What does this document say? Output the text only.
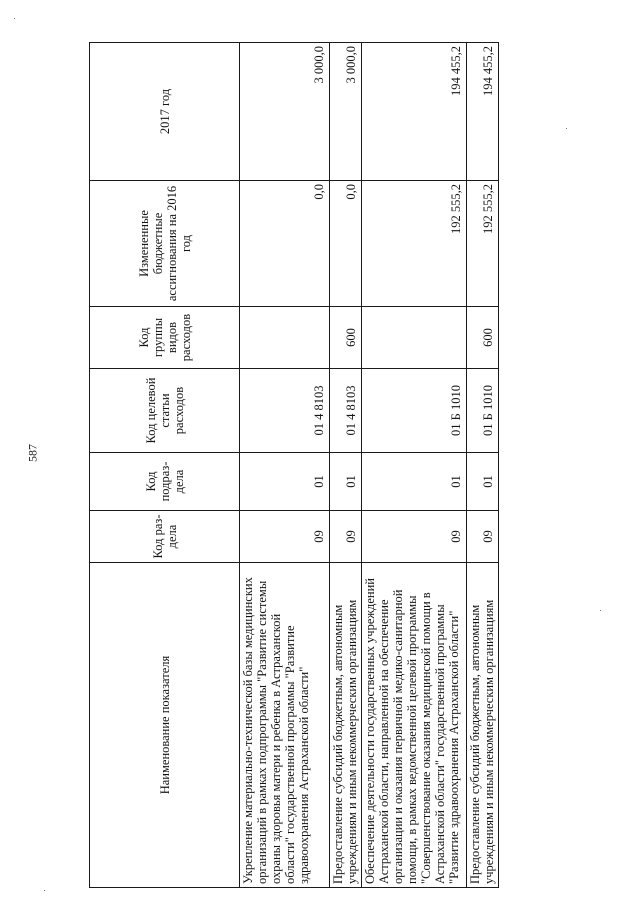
587
Наименование показателя	Код раз-дела	Код подраз-дела	Код целевой статьи расходов	Код группы видов расходов	Измененные бюджетные ассигнования на 2016 год	2017 год
Укрепление материально-технической базы медицинских организаций в рамках подпрограммы "Развитие системы охраны здоровья матери и ребенка в Астраханской области" государственной программы "Развитие здравоохранения Астраханской области"	09	01	01 4 8103		0,0	3 000,0
Предоставление субсидий бюджетным, автономным учреждениям и иным некоммерческим организациям	09	01	01 4 8103	600	0,0	3 000,0
Обеспечение деятельности государственных учреждений Астраханской области, направленной на обеспечение организации и оказания первичной медико-санитарной помощи, в рамках ведомственной целевой программы "Совершенствование оказания медицинской помощи в Астраханской области" государственной программы "Развитие здравоохранения Астраханской области"	09	01	01 Б 1010		192 555,2	194 455,2
Предоставление субсидий бюджетным, автономным учреждениям и иным некоммерческим организациям	09	01	01 Б 1010	600	192 555,2	194 455,2
